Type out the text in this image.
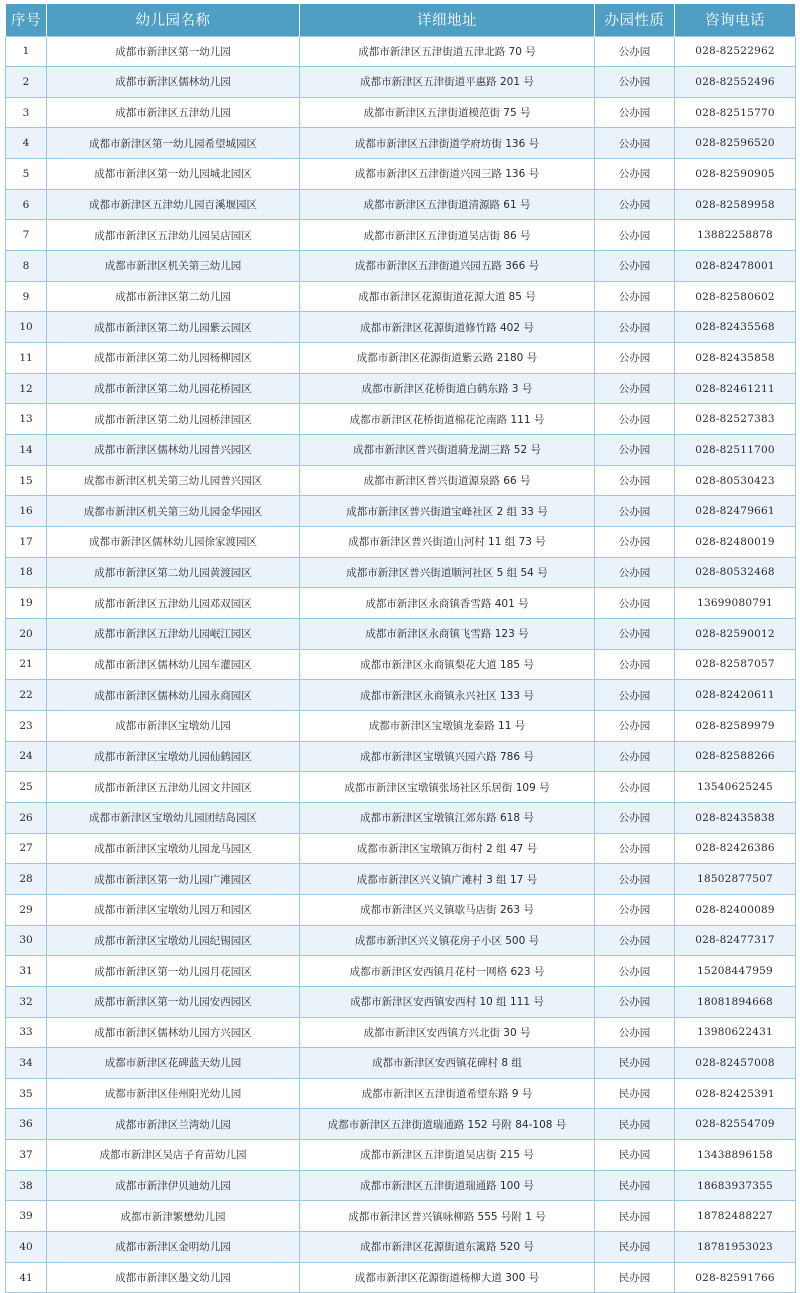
序号	幼儿园名称	详细地址	办园性质	咨询电话
1	成都市新津区第一幼儿园	成都市新津区五津街道五津北路 70 号	公办园	028-82522962
2	成都市新津区儒林幼儿园	成都市新津区五津街道平惠路 201 号	公办园	028-82552496
3	成都市新津区五津幼儿园	成都市新津区五津街道模范街 75 号	公办园	028-82515770
4	成都市新津区第一幼儿园希望城园区	成都市新津区五津街道学府坊街 136 号	公办园	028-82596520
5	成都市新津区第一幼儿园城北园区	成都市新津区五津街道兴园三路 136 号	公办园	028-82590905
6	成都市新津区五津幼儿园百溪堰园区	成都市新津区五津街道清源路 61 号	公办园	028-82589958
7	成都市新津区五津幼儿园吴店园区	成都市新津区五津街道吴店街 86 号	公办园	13882258878
8	成都市新津区机关第三幼儿园	成都市新津区五津街道兴园五路 366 号	公办园	028-82478001
9	成都市新津区第二幼儿园	成都市新津区花源街道花源大道 85 号	公办园	028-82580602
10	成都市新津区第二幼儿园紫云园区	成都市新津区花源街道修竹路 402 号	公办园	028-82435568
11	成都市新津区第二幼儿园杨柳园区	成都市新津区花源街道紫云路 2180 号	公办园	028-82435858
12	成都市新津区第二幼儿园花桥园区	成都市新津区花桥街道白鹤东路 3 号	公办园	028-82461211
13	成都市新津区第二幼儿园桥津园区	成都市新津区花桥街道棉花沱南路 111 号	公办园	028-82527383
14	成都市新津区儒林幼儿园普兴园区	成都市新津区普兴街道骑龙湖三路 52 号	公办园	028-82511700
15	成都市新津区机关第三幼儿园普兴园区	成都市新津区普兴街道源泉路 66 号	公办园	028-80530423
16	成都市新津区机关第三幼儿园金华园区	成都市新津区普兴街道宝峰社区 2 组 33 号	公办园	028-82479661
17	成都市新津区儒林幼儿园徐家渡园区	成都市新津区普兴街道山河村 11 组 73 号	公办园	028-82480019
18	成都市新津区第二幼儿园黄渡园区	成都市新津区普兴街道顺河社区 5 组 54 号	公办园	028-80532468
19	成都市新津区五津幼儿园邓双园区	成都市新津区永商镇香雪路 401 号	公办园	13699080791
20	成都市新津区五津幼儿园岷江园区	成都市新津区永商镇飞雪路 123 号	公办园	028-82590012
21	成都市新津区儒林幼儿园车灌园区	成都市新津区永商镇梨花大道 185 号	公办园	028-82587057
22	成都市新津区儒林幼儿园永商园区	成都市新津区永商镇永兴社区 133 号	公办园	028-82420611
23	成都市新津区宝墩幼儿园	成都市新津区宝墩镇龙泰路 11 号	公办园	028-82589979
24	成都市新津区宝墩幼儿园仙鹤园区	成都市新津区宝墩镇兴园六路 786 号	公办园	028-82588266
25	成都市新津区五津幼儿园文井园区	成都市新津区宝墩镇张场社区乐居街 109 号	公办园	13540625245
26	成都市新津区宝墩幼儿园团结岛园区	成都市新津区宝墩镇江郊东路 618 号	公办园	028-82435838
27	成都市新津区宝墩幼儿园龙马园区	成都市新津区宝墩镇万街村 2 组 47 号	公办园	028-82426386
28	成都市新津区第一幼儿园广滩园区	成都市新津区兴义镇广滩村 3 组 17 号	公办园	18502877507
29	成都市新津区宝墩幼儿园万和园区	成都市新津区兴义镇歇马店街 263 号	公办园	028-82400089
30	成都市新津区宝墩幼儿园纪锡园区	成都市新津区兴义镇花房子小区 500 号	公办园	028-82477317
31	成都市新津区第一幼儿园月花园区	成都市新津区安西镇月花村一网格 623 号	公办园	15208447959
32	成都市新津区第一幼儿园安西园区	成都市新津区安西镇安西村 10 组 111 号	公办园	18081894668
33	成都市新津区儒林幼儿园方兴园区	成都市新津区安西镇方兴北街 30 号	公办园	13980622431
34	成都市新津区花碑蓝天幼儿园	成都市新津区安西镇花碑村 8 组	民办园	028-82457008
35	成都市新津区佳州阳光幼儿园	成都市新津区五津街道希望东路 9 号	民办园	028-82425391
36	成都市新津区兰湾幼儿园	成都市新津区五津街道瑞通路 152 号附 84-108 号	民办园	028-82554709
37	成都市新津区吴店子育苗幼儿园	成都市新津区五津街道吴店街 215 号	民办园	13438896158
38	成都市新津伊贝迪幼儿园	成都市新津区五津街道瑞通路 100 号	民办园	18683937355
39	成都市新津繁懋幼儿园	成都市新津区普兴镇咏柳路 555 号附 1 号	民办园	18782488227
40	成都市新津区金明幼儿园	成都市新津区花源街道东篱路 520 号	民办园	18781953023
41	成都市新津区墨文幼儿园	成都市新津区花源街道杨柳大道 300 号	民办园	028-82591766
